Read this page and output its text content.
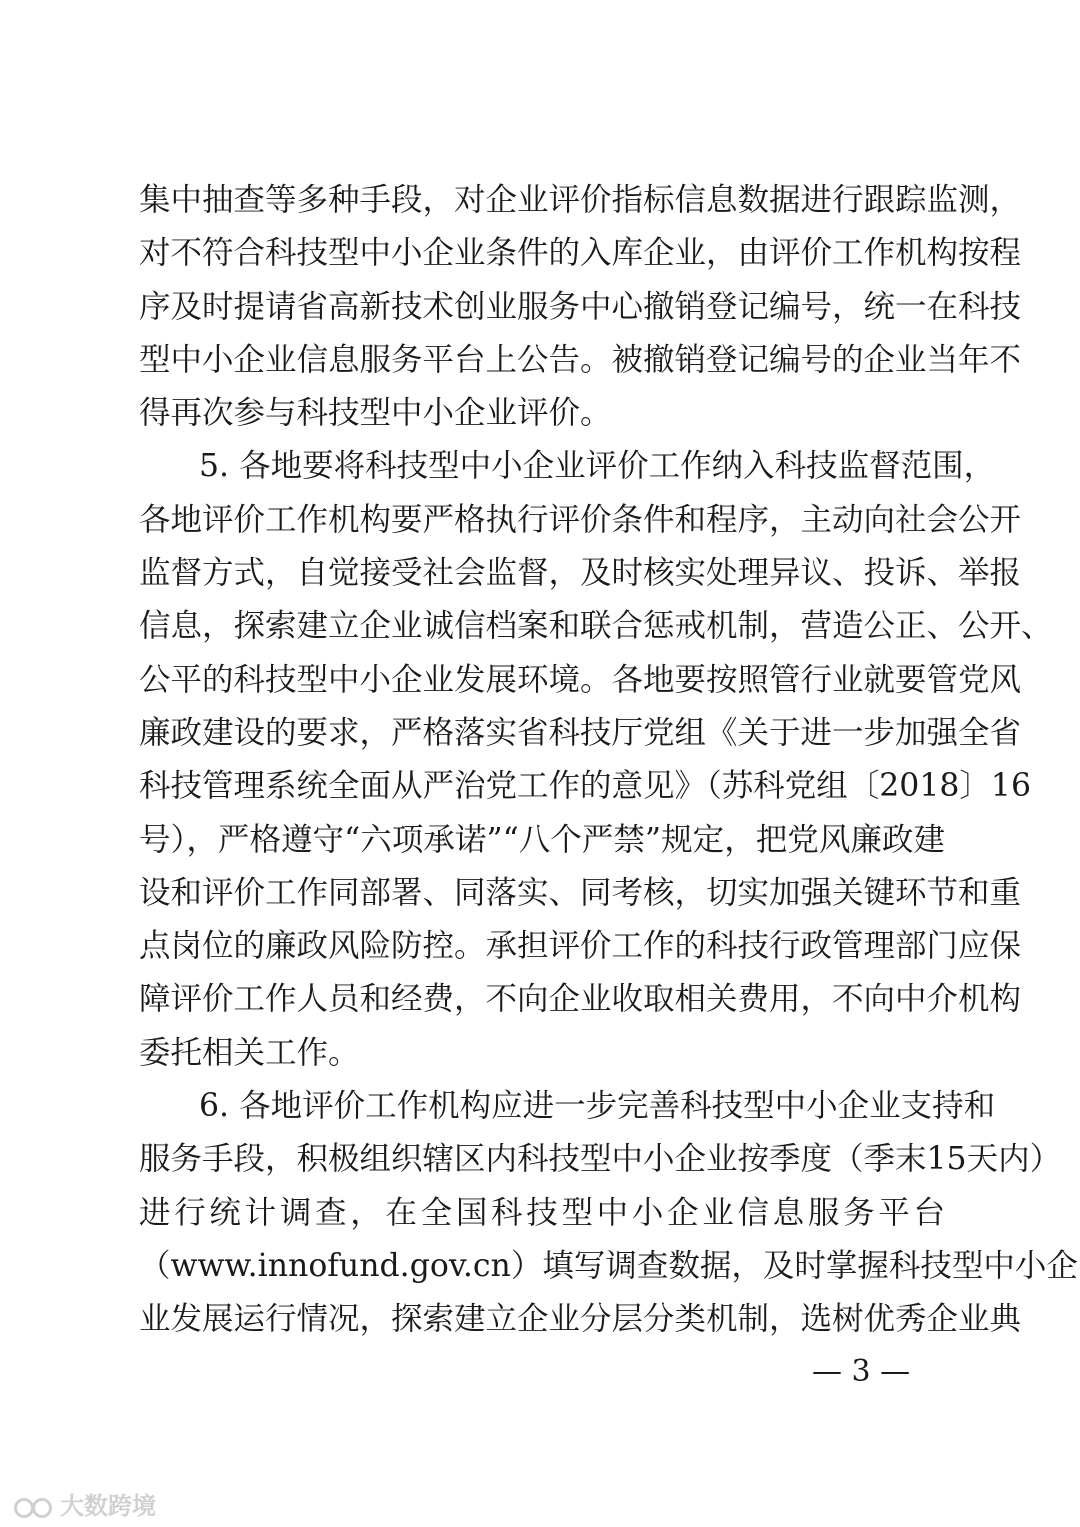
集中抽查等多种手段，对企业评价指标信息数据进行跟踪监测，
对不符合科技型中小企业条件的入库企业，由评价工作机构按程
序及时提请省高新技术创业服务中心撤销登记编号，统一在科技
型中小企业信息服务平台上公告。被撤销登记编号的企业当年不
得再次参与科技型中小企业评价。
5. 各地要将科技型中小企业评价工作纳入科技监督范围，
各地评价工作机构要严格执行评价条件和程序，主动向社会公开
监督方式，自觉接受社会监督，及时核实处理异议、投诉、举报
信息，探索建立企业诚信档案和联合惩戒机制，营造公正、公开、
公平的科技型中小企业发展环境。各地要按照管行业就要管党风
廉政建设的要求，严格落实省科技厅党组《关于进一步加强全省
科技管理系统全面从严治党工作的意见》（苏科党组〔2018〕16
号），严格遵守“六项承诺”“八个严禁”规定，把党风廉政建
设和评价工作同部署、同落实、同考核，切实加强关键环节和重
点岗位的廉政风险防控。承担评价工作的科技行政管理部门应保
障评价工作人员和经费，不向企业收取相关费用，不向中介机构
委托相关工作。
6. 各地评价工作机构应进一步完善科技型中小企业支持和
服务手段，积极组织辖区内科技型中小企业按季度（季末15天内）
进行统计调查，在全国科技型中小企业信息服务平台
（www.innofund.gov.cn）填写调查数据，及时掌握科技型中小企
业发展运行情况，探索建立企业分层分类机制，选树优秀企业典
— 3 —
大数跨境
